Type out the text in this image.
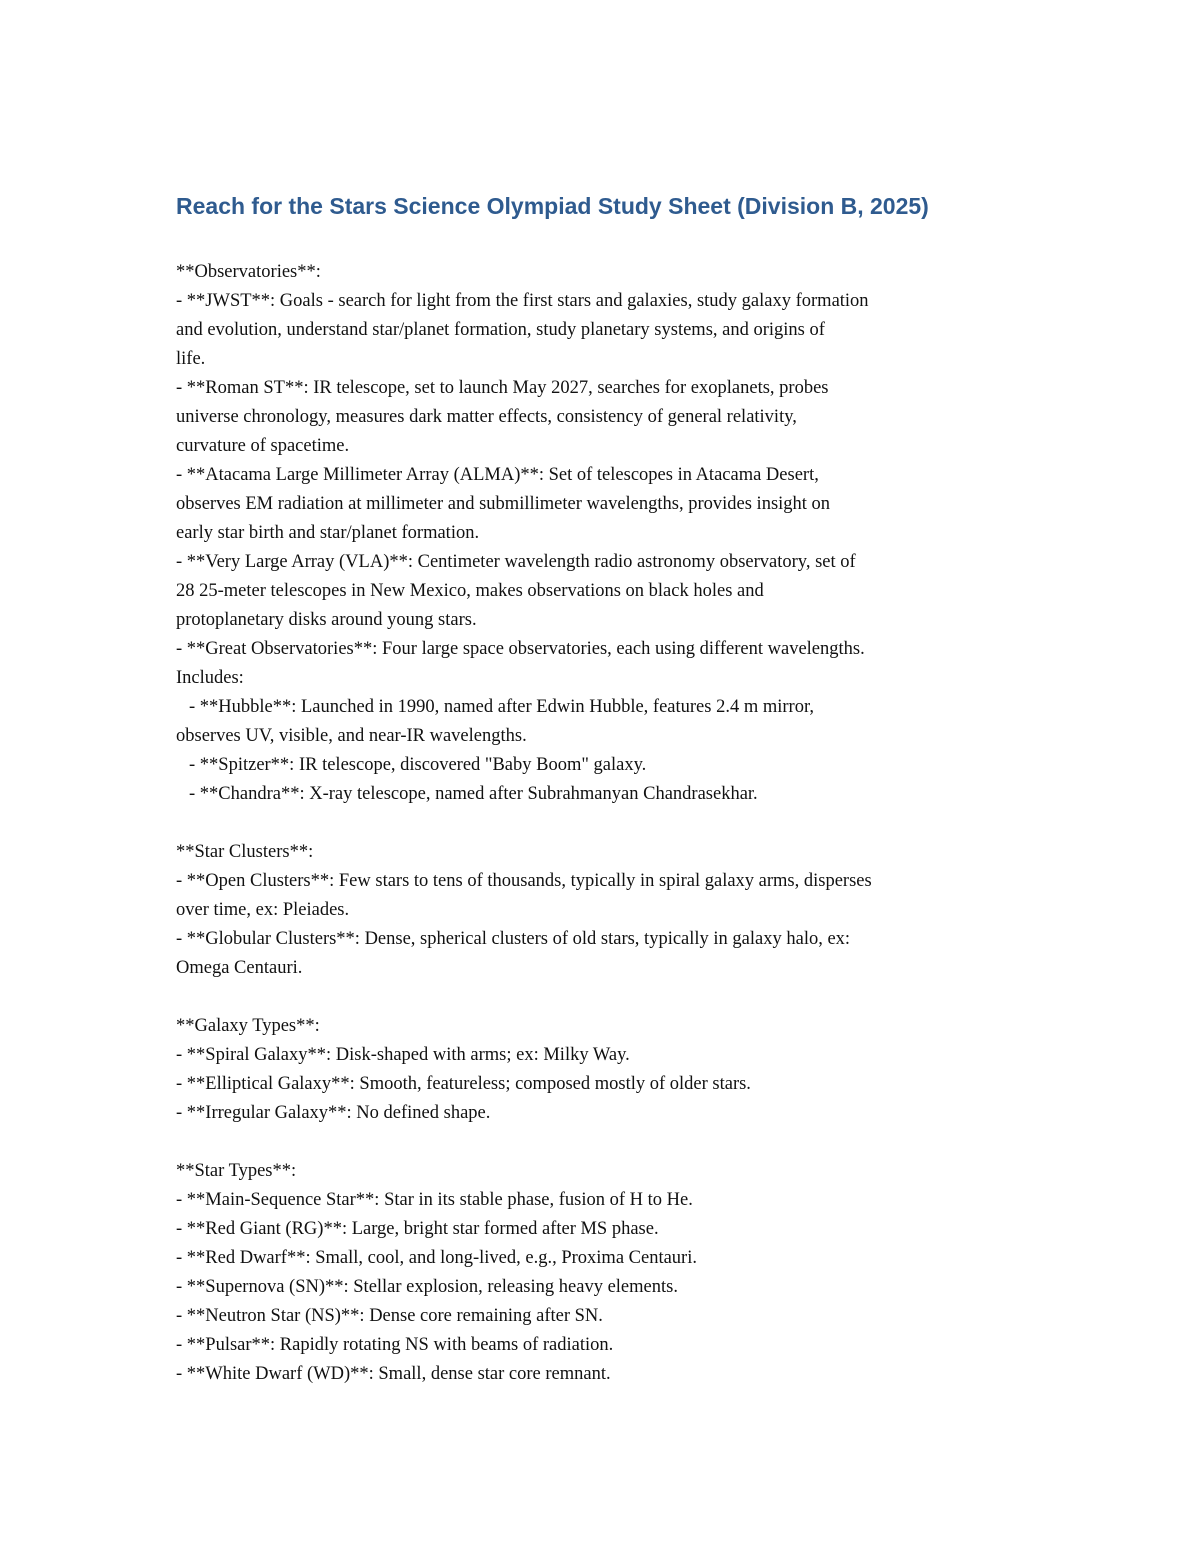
Reach for the Stars Science Olympiad Study Sheet (Division B, 2025)
**Observatories**:
- **JWST**: Goals - search for light from the first stars and galaxies, study galaxy formation
and evolution, understand star/planet formation, study planetary systems, and origins of
life.
- **Roman ST**: IR telescope, set to launch May 2027, searches for exoplanets, probes
universe chronology, measures dark matter effects, consistency of general relativity,
curvature of spacetime.
- **Atacama Large Millimeter Array (ALMA)**: Set of telescopes in Atacama Desert,
observes EM radiation at millimeter and submillimeter wavelengths, provides insight on
early star birth and star/planet formation.
- **Very Large Array (VLA)**: Centimeter wavelength radio astronomy observatory, set of
28 25-meter telescopes in New Mexico, makes observations on black holes and
protoplanetary disks around young stars.
- **Great Observatories**: Four large space observatories, each using different wavelengths.
Includes:
- **Hubble**: Launched in 1990, named after Edwin Hubble, features 2.4 m mirror,
observes UV, visible, and near-IR wavelengths.
- **Spitzer**: IR telescope, discovered "Baby Boom" galaxy.
- **Chandra**: X-ray telescope, named after Subrahmanyan Chandrasekhar.
**Star Clusters**:
- **Open Clusters**: Few stars to tens of thousands, typically in spiral galaxy arms, disperses
over time, ex: Pleiades.
- **Globular Clusters**: Dense, spherical clusters of old stars, typically in galaxy halo, ex:
Omega Centauri.
**Galaxy Types**:
- **Spiral Galaxy**: Disk-shaped with arms; ex: Milky Way.
- **Elliptical Galaxy**: Smooth, featureless; composed mostly of older stars.
- **Irregular Galaxy**: No defined shape.
**Star Types**:
- **Main-Sequence Star**: Star in its stable phase, fusion of H to He.
- **Red Giant (RG)**: Large, bright star formed after MS phase.
- **Red Dwarf**: Small, cool, and long-lived, e.g., Proxima Centauri.
- **Supernova (SN)**: Stellar explosion, releasing heavy elements.
- **Neutron Star (NS)**: Dense core remaining after SN.
- **Pulsar**: Rapidly rotating NS with beams of radiation.
- **White Dwarf (WD)**: Small, dense star core remnant.
